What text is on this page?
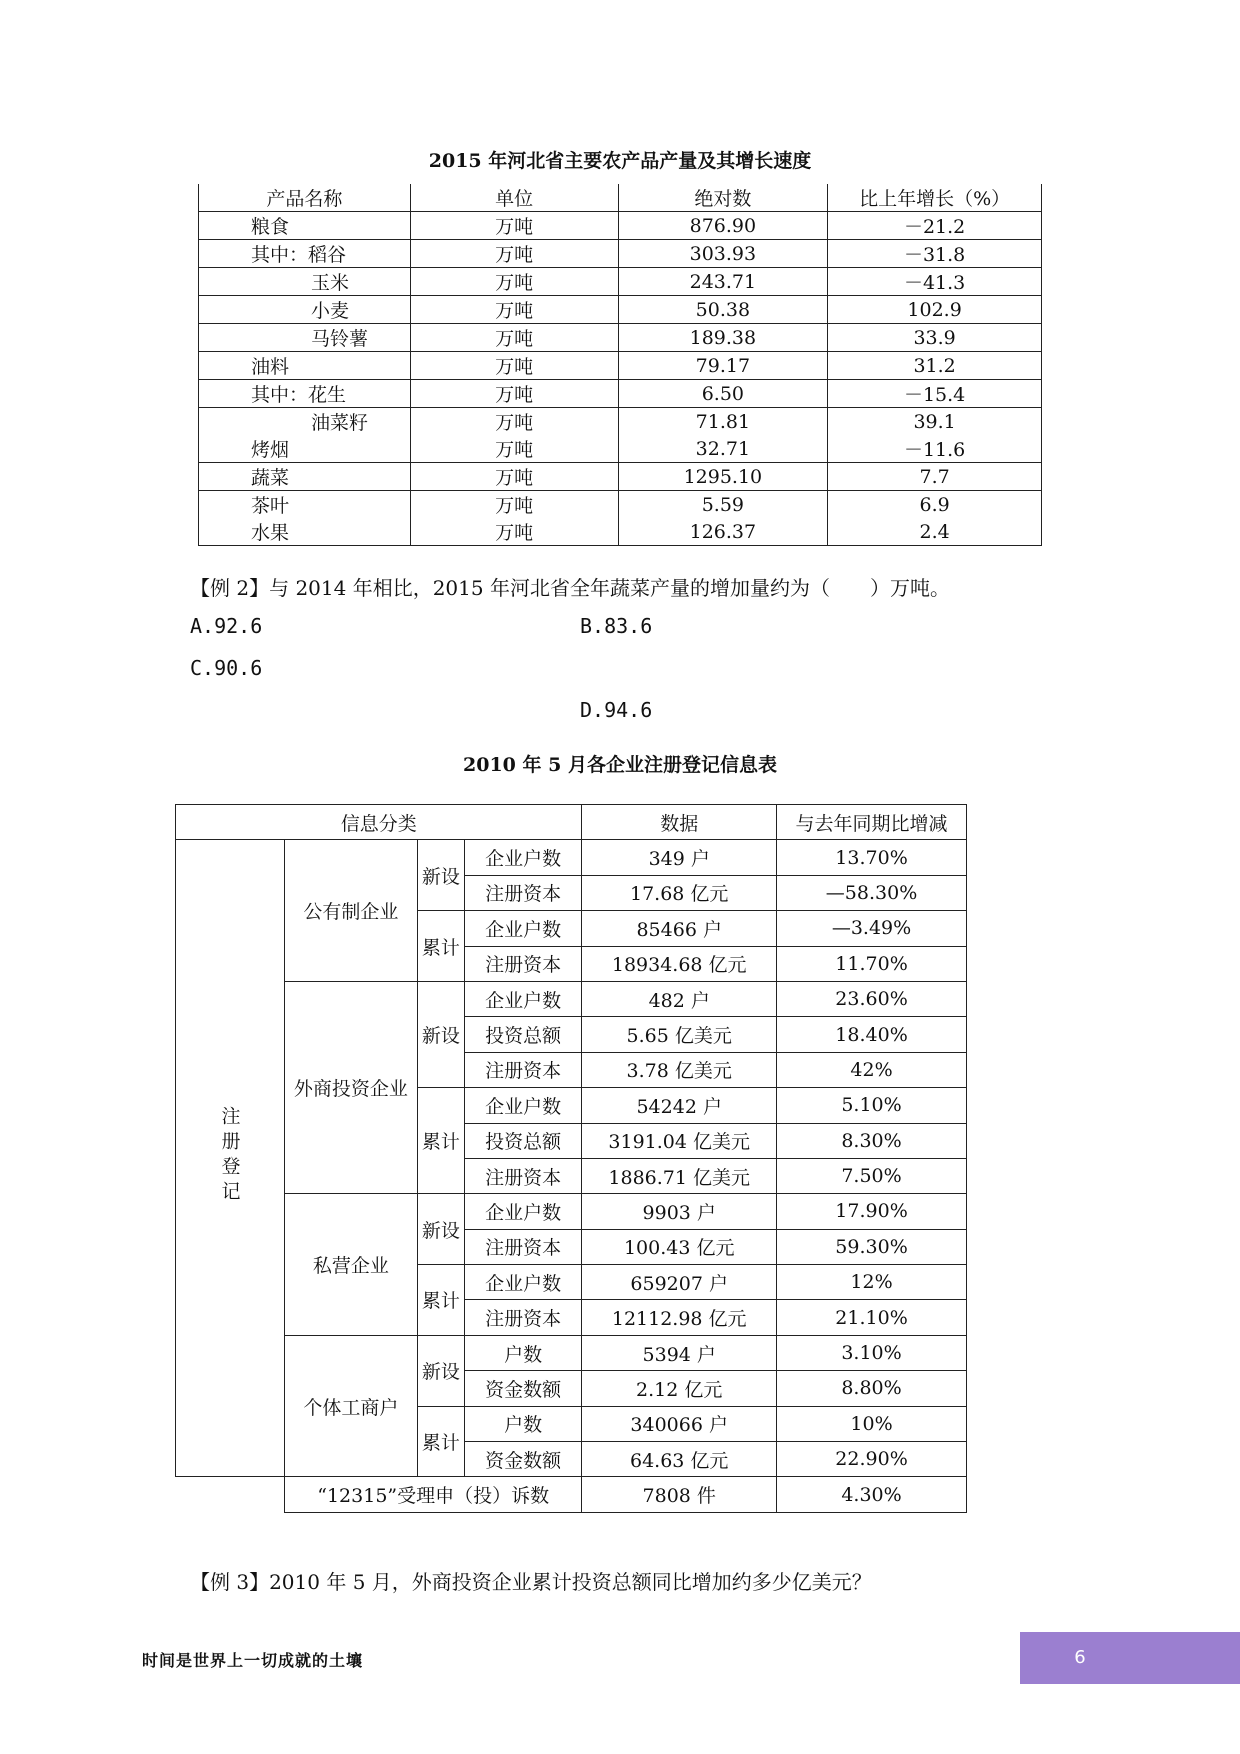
2015 年河北省主要农产品产量及其增长速度
产品名称	单位	绝对数	比上年增长（%）
粮食	万吨	876.90	－21.2
其中：稻谷	万吨	303.93	－31.8
玉米	万吨	243.71	－41.3
小麦	万吨	50.38	102.9
马铃薯	万吨	189.38	33.9
油料	万吨	79.17	31.2
其中：花生	万吨	6.50	－15.4
油菜籽	万吨	71.81	39.1
烤烟	万吨	32.71	－11.6
蔬菜	万吨	1295.10	7.7
茶叶	万吨	5.59	6.9
水果	万吨	126.37	2.4
【例 2】与 2014 年相比，2015 年河北省全年蔬菜产量的增加量约为（　　）万吨。
A.92.6	B.83.6
C.90.6
D.94.6
2010 年 5 月各企业注册登记信息表
信息分类				数据	与去年同期比增减
注册登记	公有制企业	新设	企业户数	349 户	13.70%
			注册资本	17.68 亿元	—58.30%
		累计	企业户数	85466 户	—3.49%
			注册资本	18934.68 亿元	11.70%
	外商投资企业	新设	企业户数	482 户	23.60%
			投资总额	5.65 亿美元	18.40%
			注册资本	3.78 亿美元	42%
		累计	企业户数	54242 户	5.10%
			投资总额	3191.04 亿美元	8.30%
			注册资本	1886.71 亿美元	7.50%
	私营企业	新设	企业户数	9903 户	17.90%
			注册资本	100.43 亿元	59.30%
		累计	企业户数	659207 户	12%
			注册资本	12112.98 亿元	21.10%
	个体工商户	新设	户数	5394 户	3.10%
			资金数额	2.12 亿元	8.80%
		累计	户数	340066 户	10%
			资金数额	64.63 亿元	22.90%
	“12315”受理申（投）诉数			7808 件	4.30%
【例 3】2010 年 5 月，外商投资企业累计投资总额同比增加约多少亿美元？
时间是世界上一切成就的土壤	6
